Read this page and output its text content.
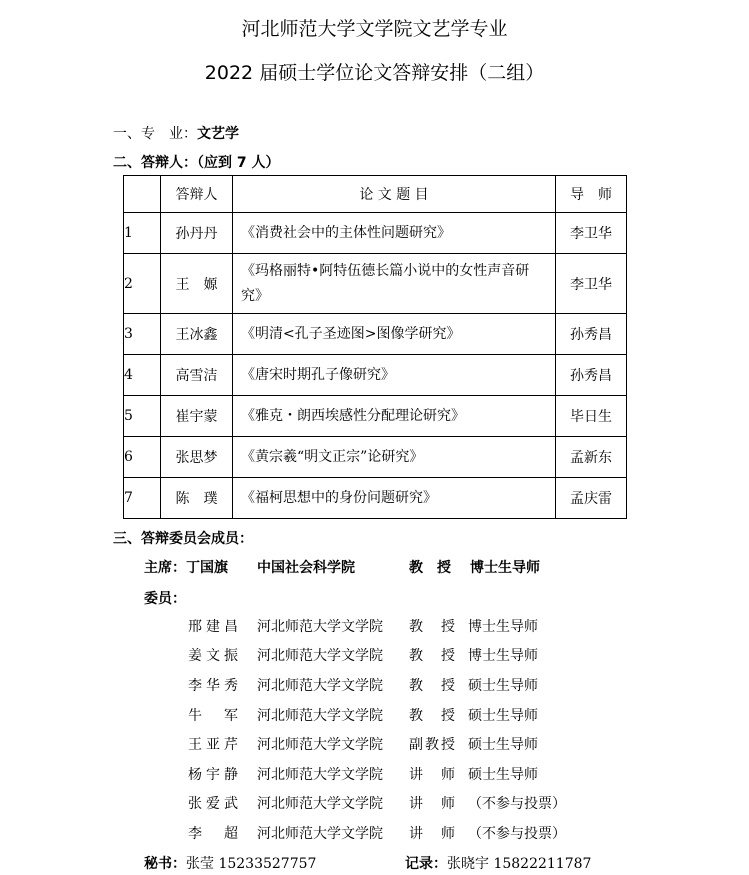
河北师范大学文学院文艺学专业
2022 届硕士学位论文答辩安排（二组）
一、专　业：文艺学
二、答辩人：（应到 7 人）
	答辩人	论 文 题 目	导　师
1	孙丹丹	《消费社会中的主体性问题研究》	李卫华
2	王　嫄	《玛格丽特•阿特伍德长篇小说中的女性声音研究》	李卫华
3	王冰鑫	《明清<孔子圣迹图>图像学研究》	孙秀昌
4	高雪洁	《唐宋时期孔子像研究》	孙秀昌
5	崔宇蒙	《雅克・朗西埃感性分配理论研究》	毕日生
6	张思梦	《黄宗羲“明文正宗”论研究》	孟新东
7	陈　璞	《福柯思想中的身份问题研究》	孟庆雷
三、答辩委员会成员：
主席：丁国旗 中国社会科学院	教　授 博士生导师
委员：
邢建昌 河北师范大学文学院 教授 博士生导师
姜文振 河北师范大学文学院 教授 博士生导师
李华秀 河北师范大学文学院 教授 硕士生导师
牛军 河北师范大学文学院 教授 硕士生导师
王亚芹 河北师范大学文学院 副教授 硕士生导师
杨宇静 河北师范大学文学院 讲师 硕士生导师
张爱武 河北师范大学文学院 讲师 （不参与投票）
李超 河北师范大学文学院 讲师 （不参与投票）
秘书：张莹 15233527757	记录：张晓宇 15822211787
